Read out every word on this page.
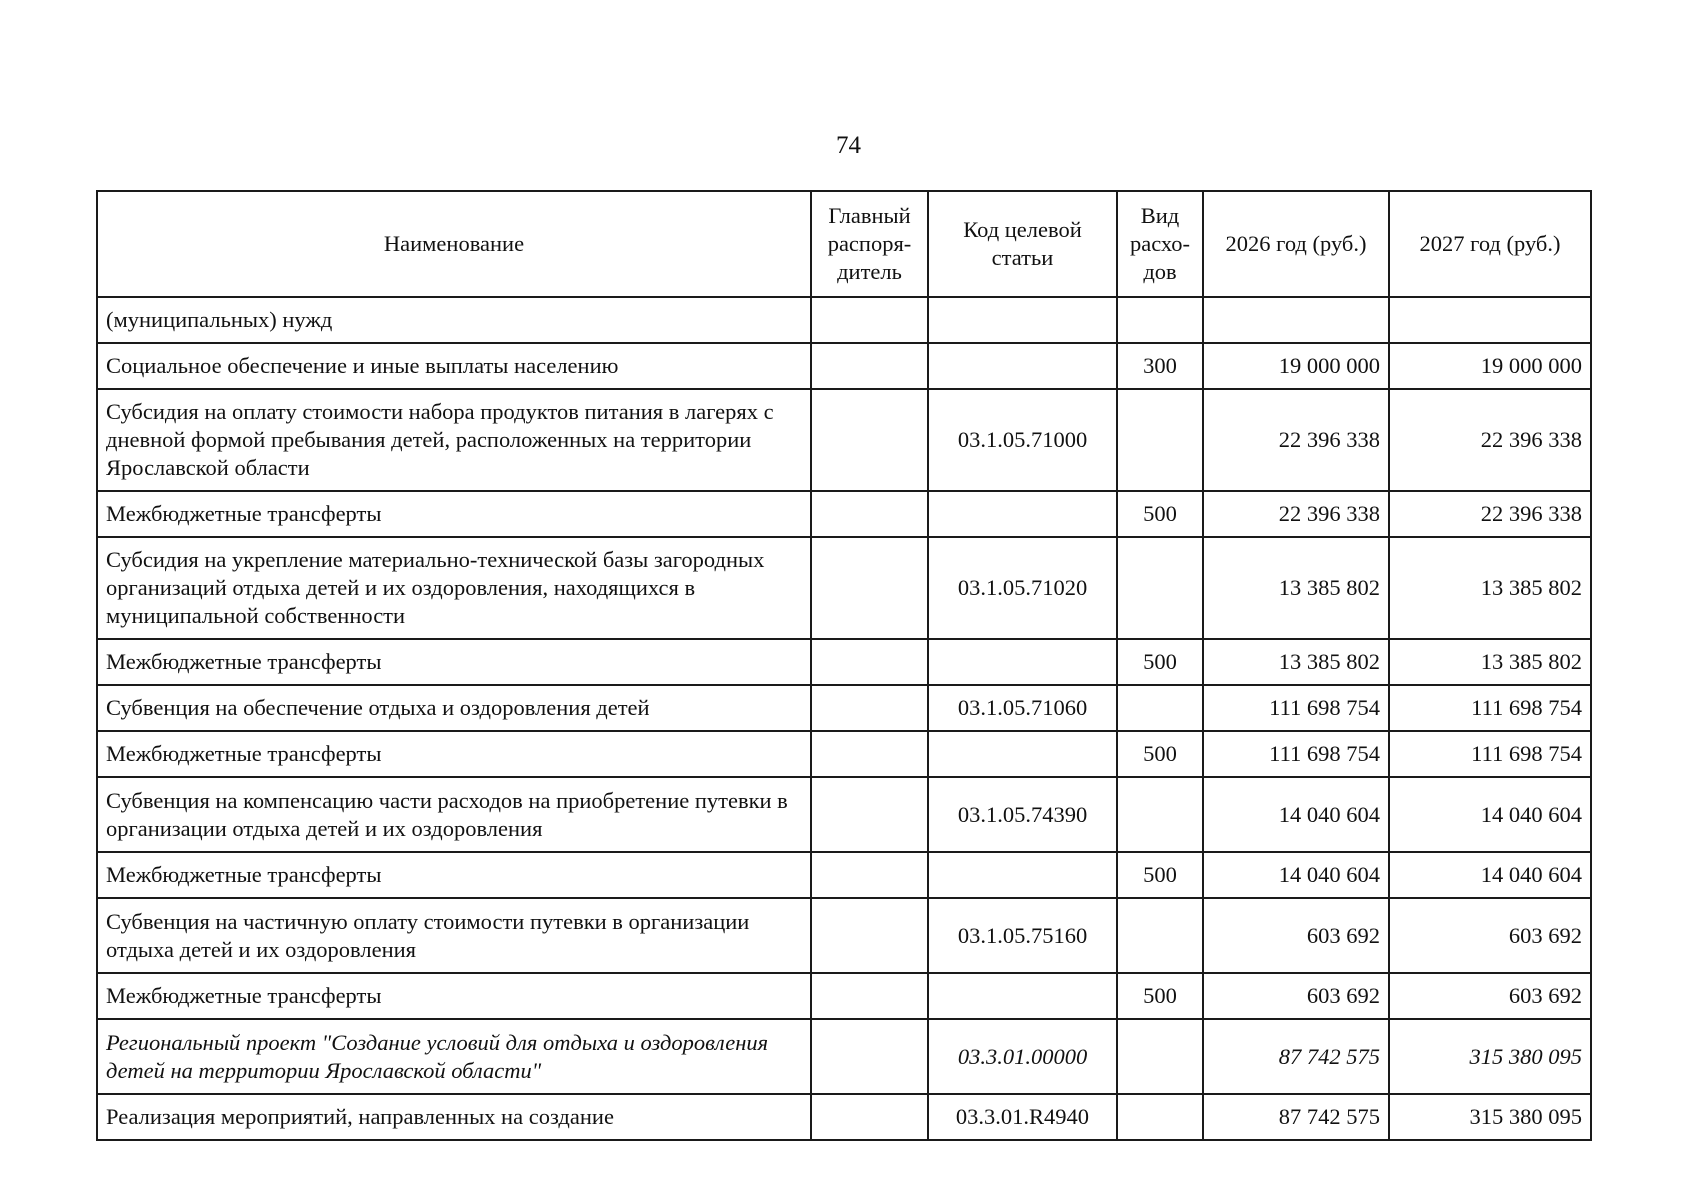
74
Наименование	Главный распоря-дитель	Код целевой статьи	Вид расхо-дов	2026 год (руб.)	2027 год (руб.)
(муниципальных) нужд					
Социальное обеспечение и иные выплаты населению			300	19 000 000	19 000 000
Субсидия на оплату стоимости набора продуктов питания в лагерях с дневной формой пребывания детей, расположенных на территории Ярославской области		03.1.05.71000		22 396 338	22 396 338
Межбюджетные трансферты			500	22 396 338	22 396 338
Субсидия на укрепление материально-технической базы загородных организаций отдыха детей и их оздоровления, находящихся в муниципальной собственности		03.1.05.71020		13 385 802	13 385 802
Межбюджетные трансферты			500	13 385 802	13 385 802
Субвенция на обеспечение отдыха и оздоровления детей		03.1.05.71060		111 698 754	111 698 754
Межбюджетные трансферты			500	111 698 754	111 698 754
Субвенция на компенсацию части расходов на приобретение путевки в организации отдыха детей и их оздоровления		03.1.05.74390		14 040 604	14 040 604
Межбюджетные трансферты			500	14 040 604	14 040 604
Субвенция на частичную оплату стоимости путевки в организации отдыха детей и их оздоровления		03.1.05.75160		603 692	603 692
Межбюджетные трансферты			500	603 692	603 692
Региональный проект "Создание условий для отдыха и оздоровления детей на территории Ярославской области"		03.3.01.00000		87 742 575	315 380 095
Реализация мероприятий, направленных на создание		03.3.01.R4940		87 742 575	315 380 095
